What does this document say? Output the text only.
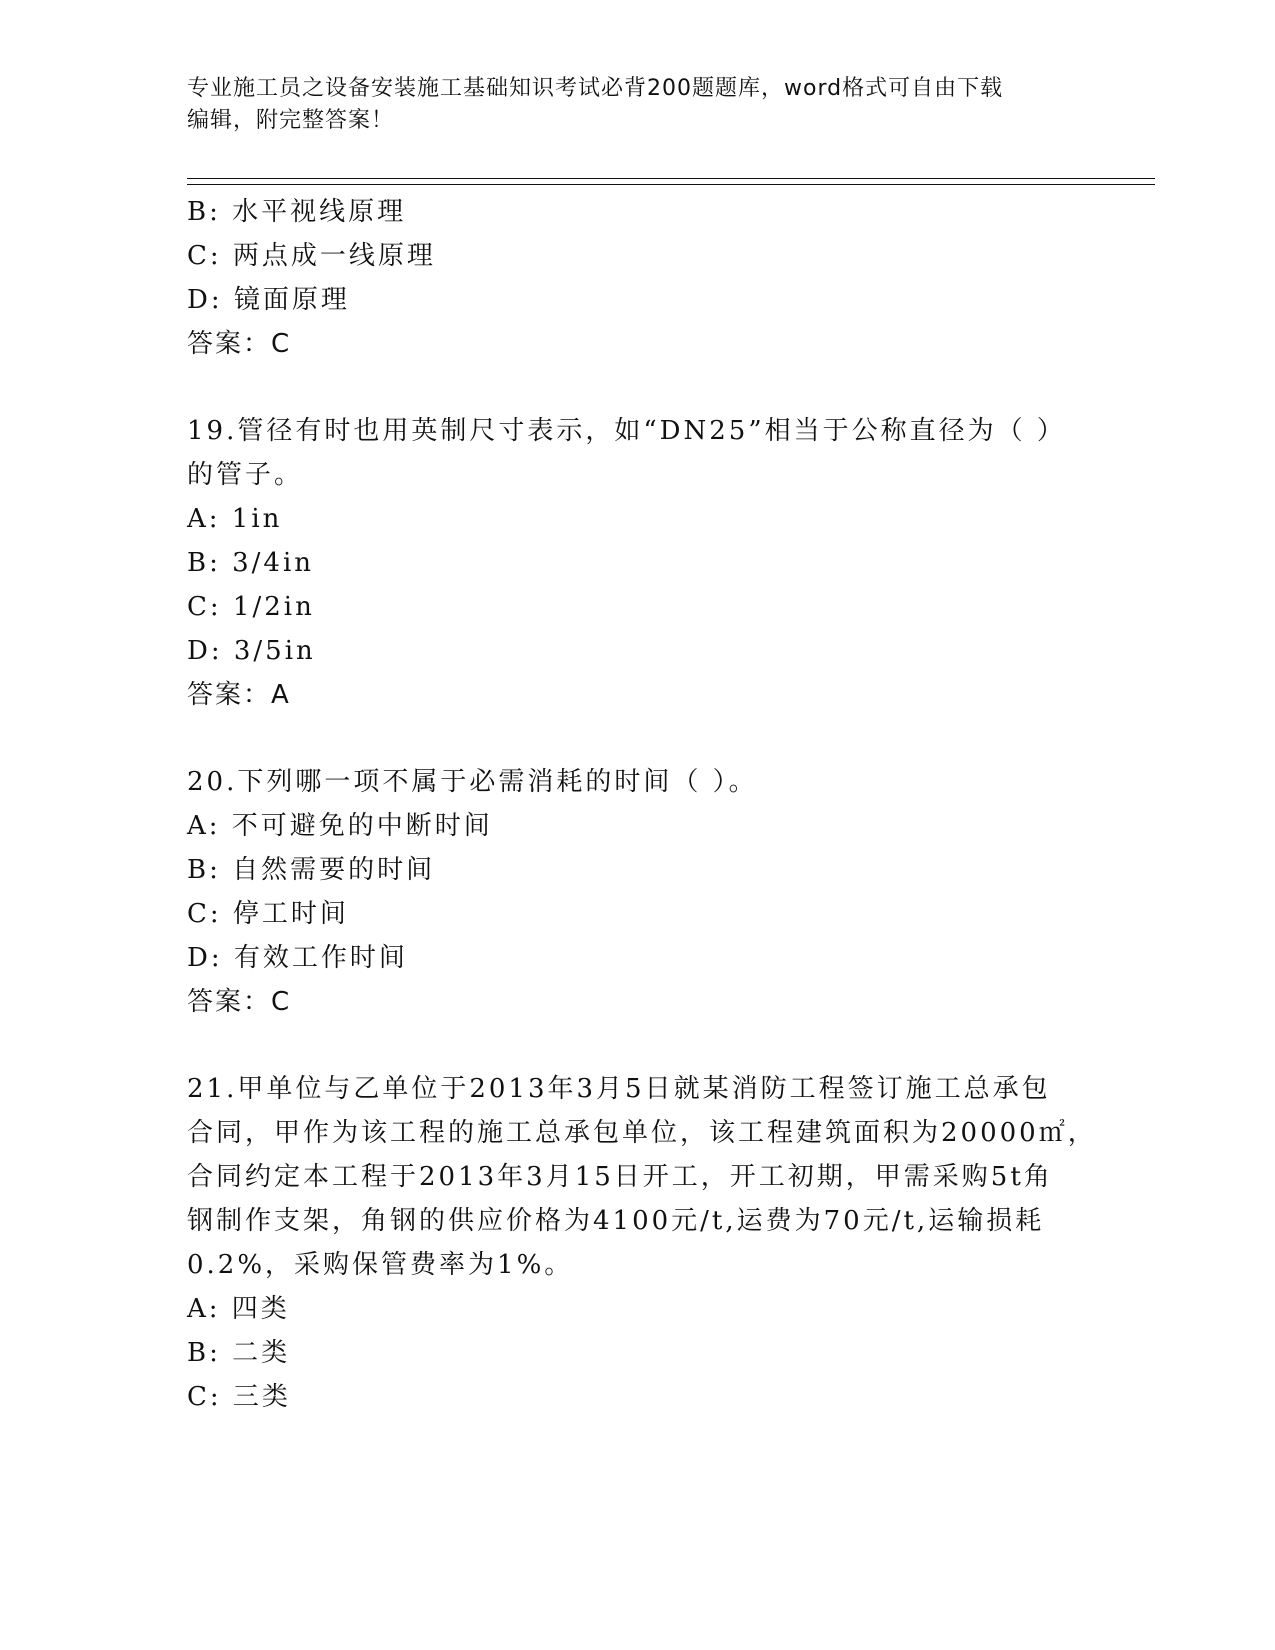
专业施工员之设备安装施工基础知识考试必背200题题库，word格式可自由下载
编辑，附完整答案！
B: 水平视线原理
C: 两点成一线原理
D: 镜面原理
答案：C
19.管径有时也用英制尺寸表示，如“DN25”相当于公称直径为（ ）
的管子。
A: 1in
B: 3/4in
C: 1/2in
D: 3/5in
答案：A
20.下列哪一项不属于必需消耗的时间（ ）。
A: 不可避免的中断时间
B: 自然需要的时间
C: 停工时间
D: 有效工作时间
答案：C
21.甲单位与乙单位于2013年3月5日就某消防工程签订施工总承包
合同，甲作为该工程的施工总承包单位，该工程建筑面积为20000㎡，
合同约定本工程于2013年3月15日开工，开工初期，甲需采购5t角
钢制作支架，角钢的供应价格为4100元/t,运费为70元/t,运输损耗
0.2%，采购保管费率为1%。
A: 四类
B: 二类
C: 三类
